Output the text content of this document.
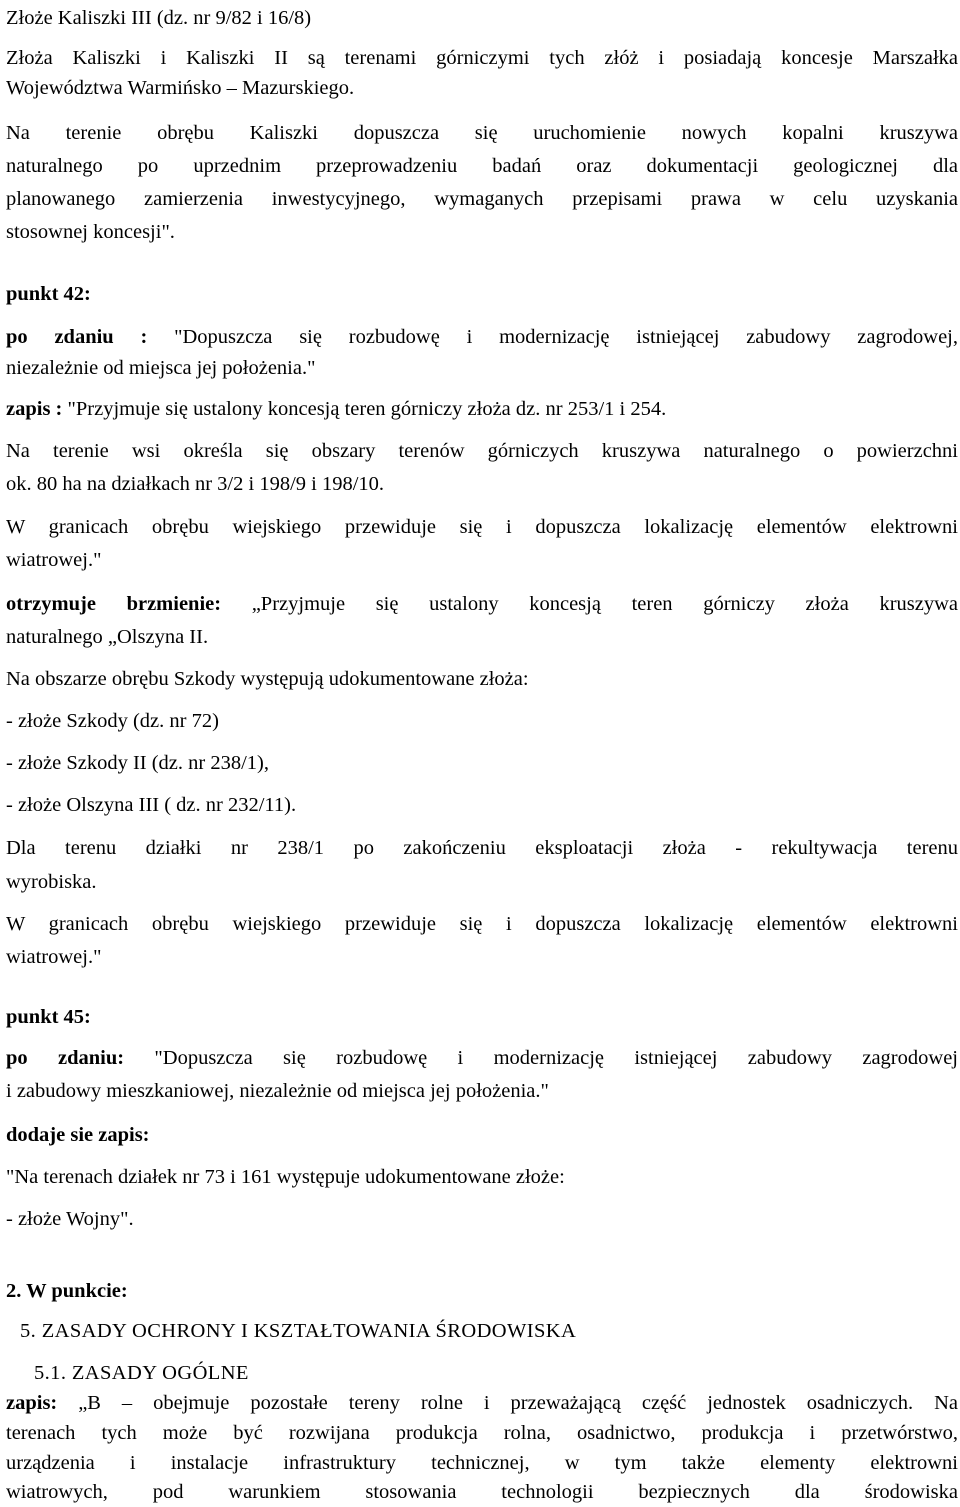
Złoże Kaliszki III (dz. nr 9/82 i 16/8)
Złoża Kaliszki i Kaliszki II są terenami górniczymi tych złóż i posiadają koncesje Marszałka
Województwa Warmińsko – Mazurskiego.
Na terenie obrębu Kaliszki dopuszcza się uruchomienie nowych kopalni kruszywa
naturalnego po uprzednim przeprowadzeniu badań oraz dokumentacji geologicznej dla
planowanego zamierzenia inwestycyjnego, wymaganych przepisami prawa w celu uzyskania
stosownej koncesji".
punkt 42:
po zdaniu : "Dopuszcza się rozbudowę i modernizację istniejącej zabudowy zagrodowej,
niezależnie od miejsca jej położenia."
zapis : "Przyjmuje się ustalony koncesją teren górniczy złoża dz. nr 253/1 i 254.
Na terenie wsi określa się obszary terenów górniczych kruszywa naturalnego o powierzchni
ok. 80 ha na działkach nr 3/2 i 198/9 i 198/10.
W granicach obrębu wiejskiego przewiduje się i dopuszcza lokalizację elementów elektrowni
wiatrowej."
otrzymuje brzmienie: „Przyjmuje się ustalony koncesją teren górniczy złoża kruszywa
naturalnego „Olszyna II.
Na obszarze obrębu Szkody występują udokumentowane złoża:
- złoże Szkody (dz. nr 72)
- złoże Szkody II (dz. nr 238/1),
- złoże Olszyna III ( dz. nr 232/11).
Dla terenu działki nr 238/1 po zakończeniu eksploatacji złoża - rekultywacja terenu
wyrobiska.
W granicach obrębu wiejskiego przewiduje się i dopuszcza lokalizację elementów elektrowni
wiatrowej."
punkt 45:
po zdaniu: "Dopuszcza się rozbudowę i modernizację istniejącej zabudowy zagrodowej
i zabudowy mieszkaniowej, niezależnie od miejsca jej położenia."
dodaje sie zapis:
"Na terenach działek nr 73 i 161 występuje udokumentowane złoże:
- złoże Wojny".
2. W punkcie:
5. ZASADY OCHRONY I KSZTAŁTOWANIA ŚRODOWISKA
5.1. ZASADY OGÓLNE
zapis: „B – obejmuje pozostałe tereny rolne i przeważającą część jednostek osadniczych. Na
terenach tych może być rozwijana produkcja rolna, osadnictwo, produkcja i przetwórstwo,
urządzenia i instalacje infrastruktury technicznej, w tym także elementy elektrowni
wiatrowych, pod warunkiem stosowania technologii bezpiecznych dla środowiska
